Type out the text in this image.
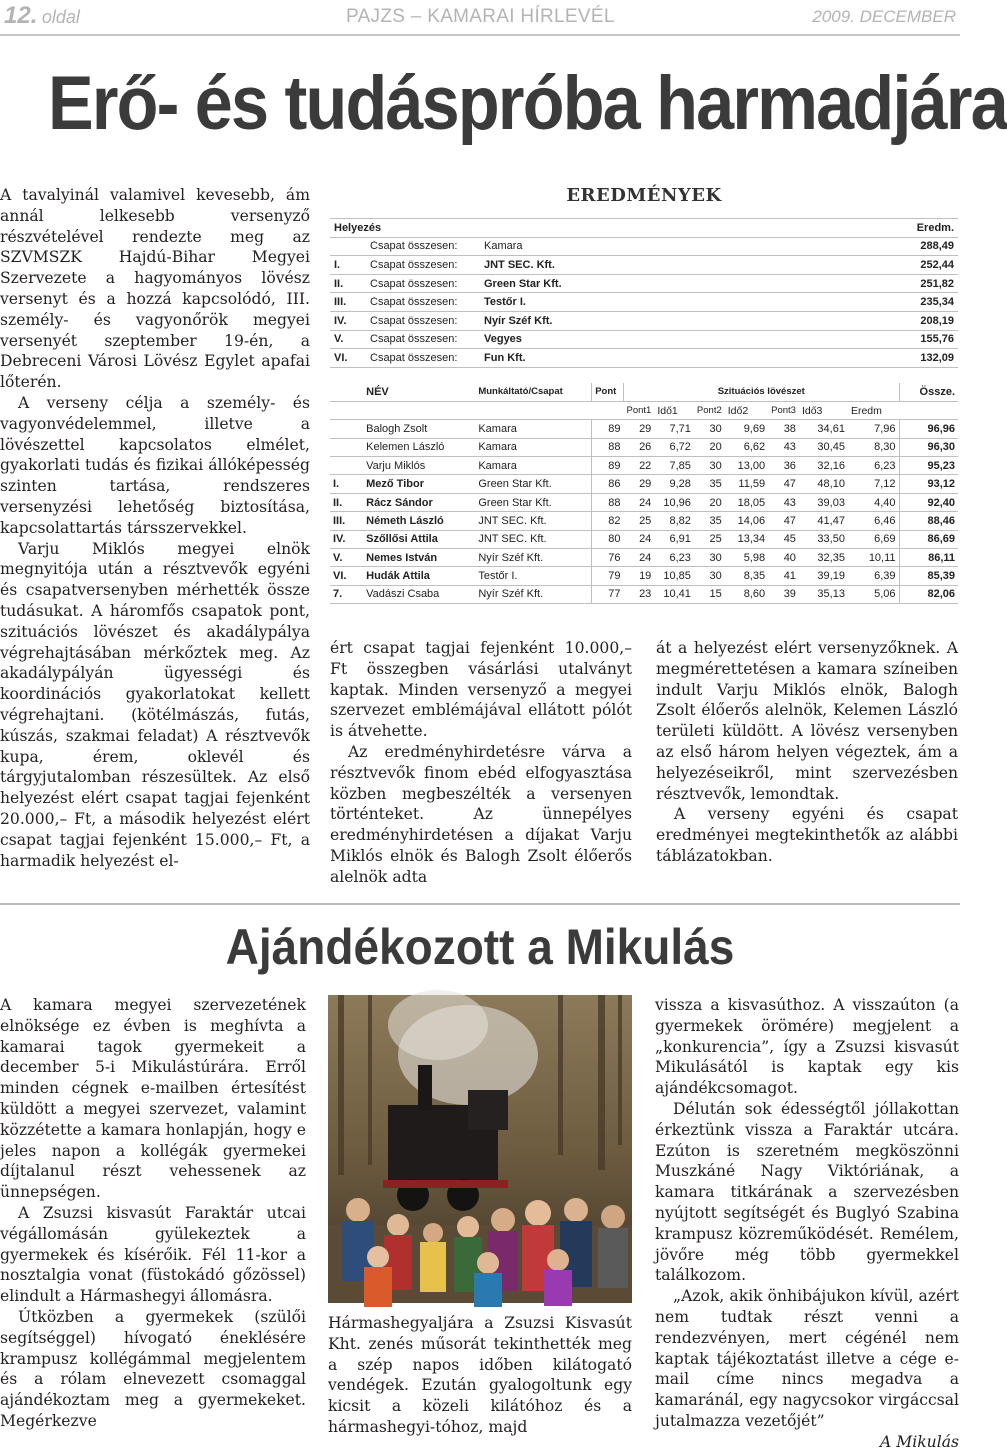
12. oldal	PAJZS – KAMARAI HÍRLEVÉL	2009. DECEMBER
Erő- és tudáspróba harmadjára

A tavalyinál valamivel kevesebb, ám annál lelkesebb versenyző részvételével rendezte meg az SZVMSZK Hajdú-Bihar Megyei Szervezete a hagyományos lövész versenyt és a hozzá kapcsolódó, III. személy- és vagyonőrök megyei versenyét szeptember 19-én, a Debreceni Városi Lövész Egylet apafai lőterén.

A verseny célja a személy- és vagyonvédelemmel, illetve a lövészettel kapcsolatos elmélet, gyakorlati tudás és fizikai állóképesség szinten tartása, rendszeres versenyzési lehetőség biztosítása, kapcsolattartás társszervekkel.

Varju Miklós megyei elnök megnyitója után a résztvevők egyéni és csapatversenyben mérhették össze tudásukat. A háromfős csapatok pont, szituációs lövészet és akadálypálya végrehajtásában mérkőztek meg. Az akadálypályán ügyességi és koordinációs gyakorlatokat kellett végrehajtani. (kötélmászás, futás, kúszás, szakmai feladat) A résztvevők kupa, érem, oklevél és tárgyjutalomban részesültek. Az első helyezést elért csapat tagjai fejenként 20.000,– Ft, a második helyezést elért csapat tagjai fejenként 15.000,– Ft, a harmadik helyezést el-

EREDMÉNYEK
Helyezés			Eredm.
	Csapat összesen:	Kamara	288,49
I.	Csapat összesen:	JNT SEC. Kft.	252,44
II.	Csapat összesen:	Green Star Kft.	251,82
III.	Csapat összesen:	Testőr I.	235,34
IV.	Csapat összesen:	Nyír Széf Kft.	208,19
V.	Csapat összesen:	Vegyes	155,76
VI.	Csapat összesen:	Fun Kft.	132,09
	NÉV	Munkáltató/Csapat	Pont	Szituációs lövészet							Össze.
				Pont1	Idő1	Pont2	Idő2	Pont3	Idő3	Eredm	
	Balogh Zsolt	Kamara	89	29	7,71	30	9,69	38	34,61	7,96	96,96
	Kelemen László	Kamara	88	26	6,72	20	6,62	43	30,45	8,30	96,30
	Varju Miklós	Kamara	89	22	7,85	30	13,00	36	32,16	6,23	95,23
I.	Mező Tibor	Green Star Kft.	86	29	9,28	35	11,59	47	48,10	7,12	93,12
II.	Rácz Sándor	Green Star Kft.	88	24	10,96	20	18,05	43	39,03	4,40	92,40
III.	Németh László	JNT SEC. Kft.	82	25	8,82	35	14,06	47	41,47	6,46	88,46
IV.	Szőllősi Attila	JNT SEC. Kft.	80	24	6,91	25	13,34	45	33,50	6,69	86,69
V.	Nemes István	Nyír Széf Kft.	76	24	6,23	30	5,98	40	32,35	10,11	86,11
VI.	Hudák Attila	Testőr I.	79	19	10,85	30	8,35	41	39,19	6,39	85,39
7.	Vadászi Csaba	Nyír Széf Kft.	77	23	10,41	15	8,60	39	35,13	5,06	82,06

ért csapat tagjai fejenként 10.000,– Ft összegben vásárlási utalványt kaptak. Minden versenyző a megyei szervezet emblémájával ellátott pólót is átvehette.

Az eredményhirdetésre várva a résztvevők finom ebéd elfogyasztása közben megbeszélték a versenyen történteket. Az ünnepélyes eredményhirdetésen a díjakat Varju Miklós elnök és Balogh Zsolt élőerős alelnök adta

át a helyezést elért versenyzőknek. A megmérettetésen a kamara színeiben indult Varju Miklós elnök, Balogh Zsolt élőerős alelnök, Kelemen László területi küldött. A lövész versenyben az első három helyen végeztek, ám a helyezéseikről, mint szervezésben résztvevők, lemondtak.

A verseny egyéni és csapat eredményei megtekinthetők az alábbi táblázatokban.

Ajándékozott a Mikulás

A kamara megyei szervezetének elnöksége ez évben is meghívta a kamarai tagok gyermekeit a december 5-i Mikulástúrára. Erről minden cégnek e-mailben értesítést küldött a megyei szervezet, valamint közzétette a kamara honlapján, hogy e jeles napon a kollégák gyermekei díjtalanul részt vehessenek az ünnepségen.

A Zsuzsi kisvasút Faraktár utcai végállomásán gyülekeztek a gyermekek és kísérőik. Fél 11-kor a nosztalgia vonat (füstokádó gőzössel) elindult a Hármashegyi állomásra.

Útközben a gyermekek (szülői segítséggel) hívogató éneklésére krampusz kollégámmal megjelentem és a rólam elnevezett csomaggal ajándékoztam meg a gyermekeket. Megérkezve

Hármashegyaljára a Zsuzsi Kisvasút Kht. zenés műsorát tekinthették meg a szép napos időben kilátogató vendégek. Ezután gyalogoltunk egy kicsit a közeli kilátóhoz és a hármashegyi-tóhoz, majd

vissza a kisvasúthoz. A visszaúton (a gyermekek örömére) megjelent a „konkurencia”, így a Zsuzsi kisvasút Mikulásától is kaptak egy kis ajándékcsomagot.

Délután sok édességtől jóllakottan érkeztünk vissza a Faraktár utcára. Ezúton is szeretném megköszönni Muszkáné Nagy Viktóriának, a kamara titkárának a szervezésben nyújtott segítségét és Buglyó Szabina krampusz közreműködését. Remélem, jövőre még több gyermekkel találkozom.

„Azok, akik önhibájukon kívül, azért nem tudtak részt venni a rendezvényen, mert cégénél nem kaptak tájékoztatást illetve a cége e-mail címe nincs megadva a kamaránál, egy nagycsokor virgáccsal jutalmazza vezetőjét”

A Mikulás
